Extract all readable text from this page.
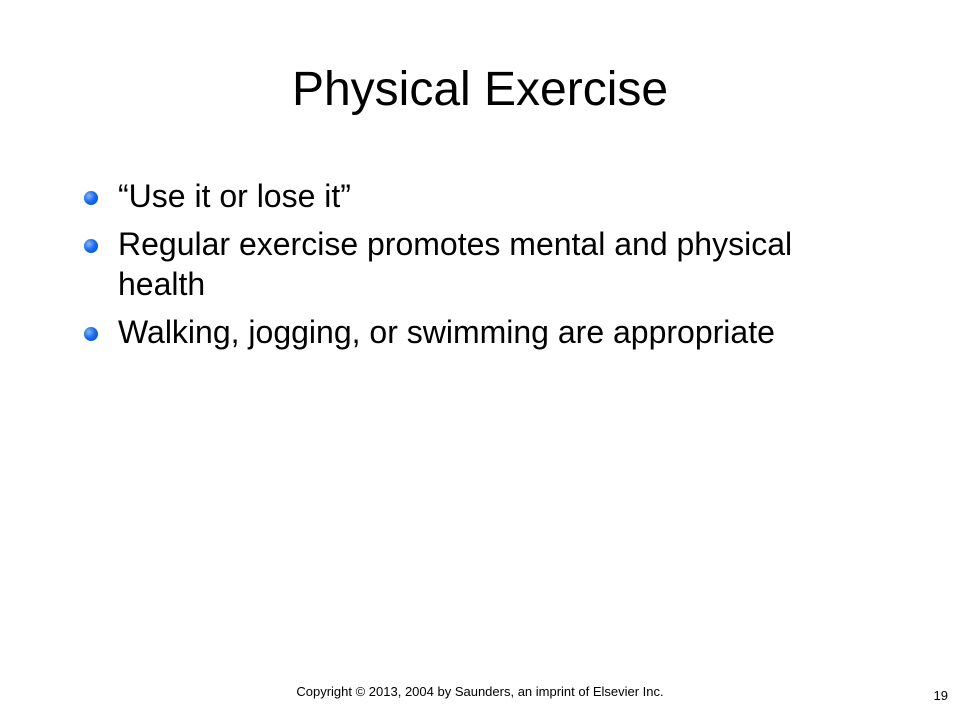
Physical Exercise
“Use it or lose it”
Regular exercise promotes mental and physical health
Walking, jogging, or swimming are appropriate

Copyright © 2013, 2004 by Saunders, an imprint of Elsevier Inc.	19
